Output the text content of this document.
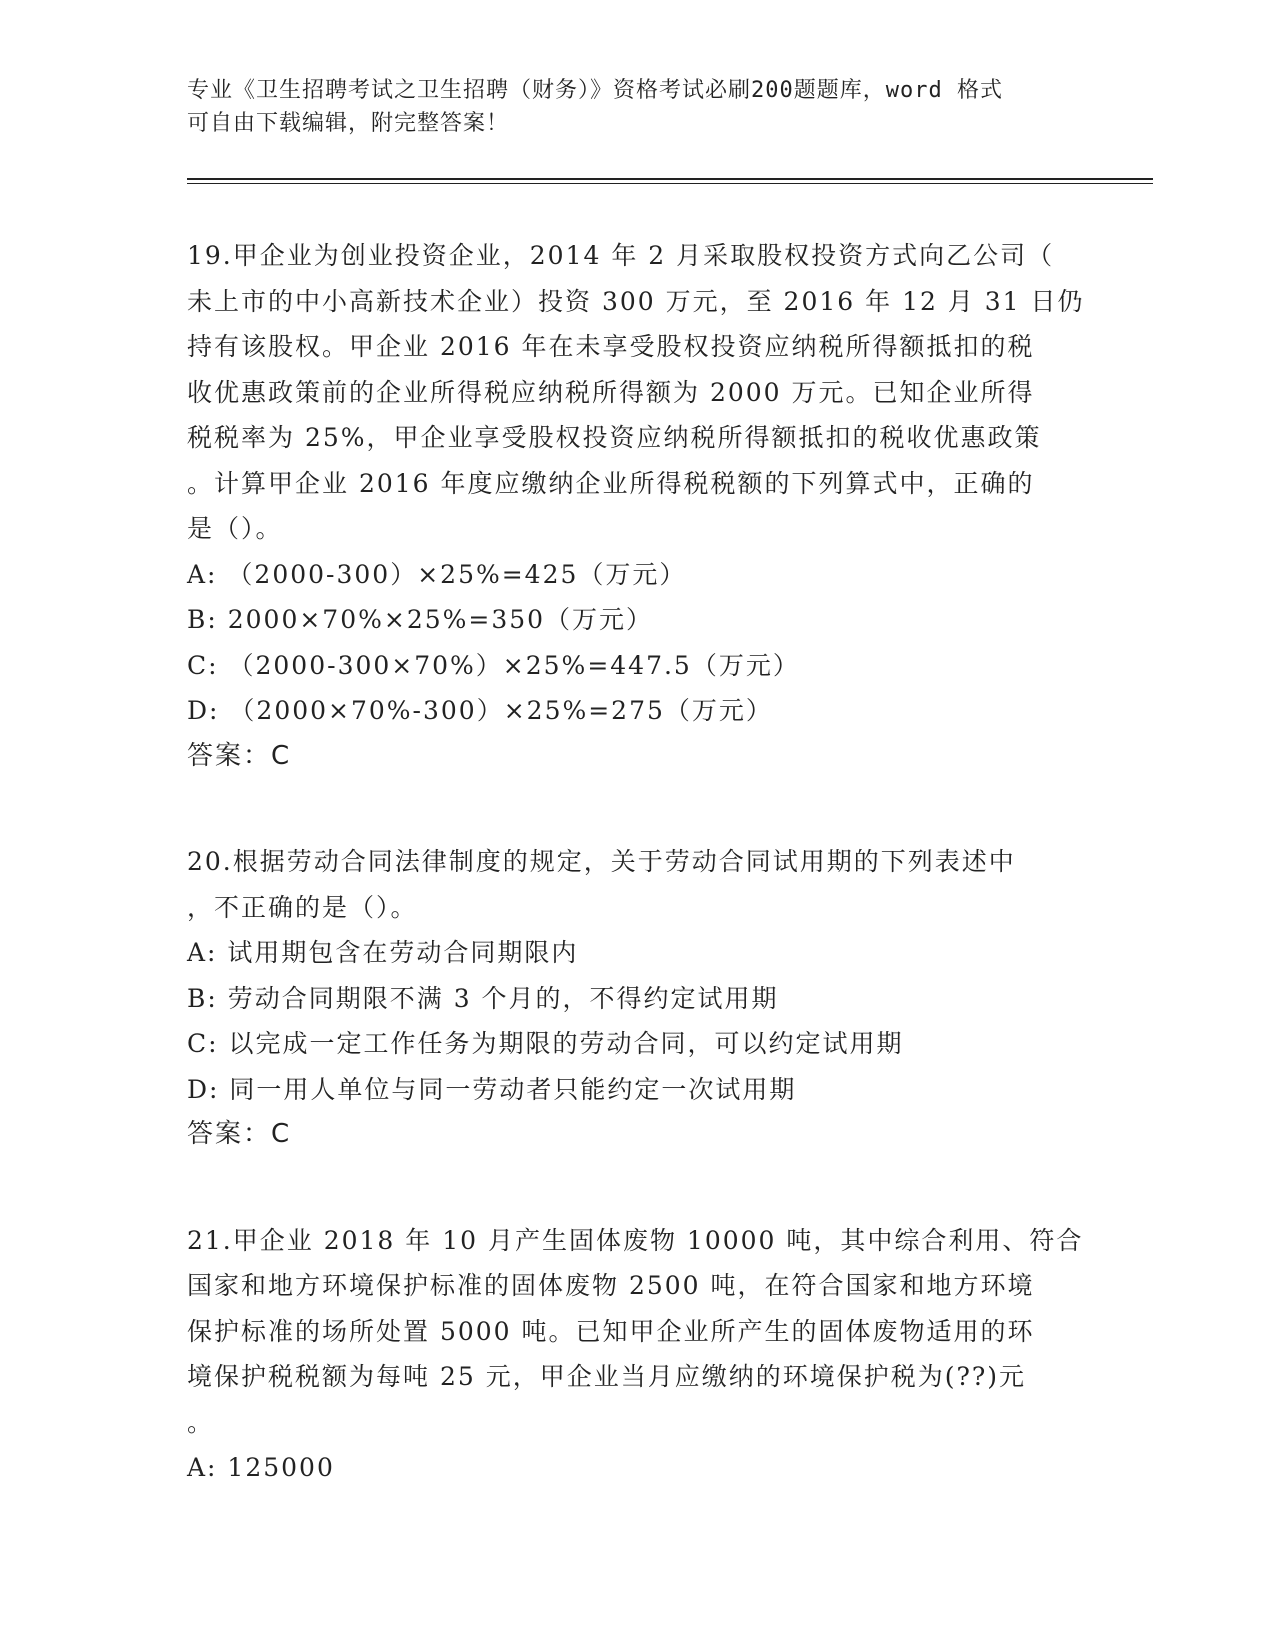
专业《卫生招聘考试之卫生招聘（财务）》资格考试必刷200题题库，word 格式
可自由下载编辑，附完整答案！
19.甲企业为创业投资企业，2014 年 2 月采取股权投资方式向乙公司（
未上市的中小高新技术企业）投资 300 万元，至 2016 年 12 月 31 日仍
持有该股权。甲企业 2016 年在未享受股权投资应纳税所得额抵扣的税
收优惠政策前的企业所得税应纳税所得额为 2000 万元。已知企业所得
税税率为 25%，甲企业享受股权投资应纳税所得额抵扣的税收优惠政策
。计算甲企业 2016 年度应缴纳企业所得税税额的下列算式中，正确的
是（）。
A: （2000-300）×25%=425（万元）
B: 2000×70%×25%=350（万元）
C: （2000-300×70%）×25%=447.5（万元）
D: （2000×70%-300）×25%=275（万元）
答案：C
20.根据劳动合同法律制度的规定，关于劳动合同试用期的下列表述中
，不正确的是（）。
A: 试用期包含在劳动合同期限内
B: 劳动合同期限不满 3 个月的，不得约定试用期
C: 以完成一定工作任务为期限的劳动合同，可以约定试用期
D: 同一用人单位与同一劳动者只能约定一次试用期
答案：C
21.甲企业 2018 年 10 月产生固体废物 10000 吨，其中综合利用、符合
国家和地方环境保护标准的固体废物 2500 吨，在符合国家和地方环境
保护标准的场所处置 5000 吨。已知甲企业所产生的固体废物适用的环
境保护税税额为每吨 25 元，甲企业当月应缴纳的环境保护税为(??)元
。
A: 125000
